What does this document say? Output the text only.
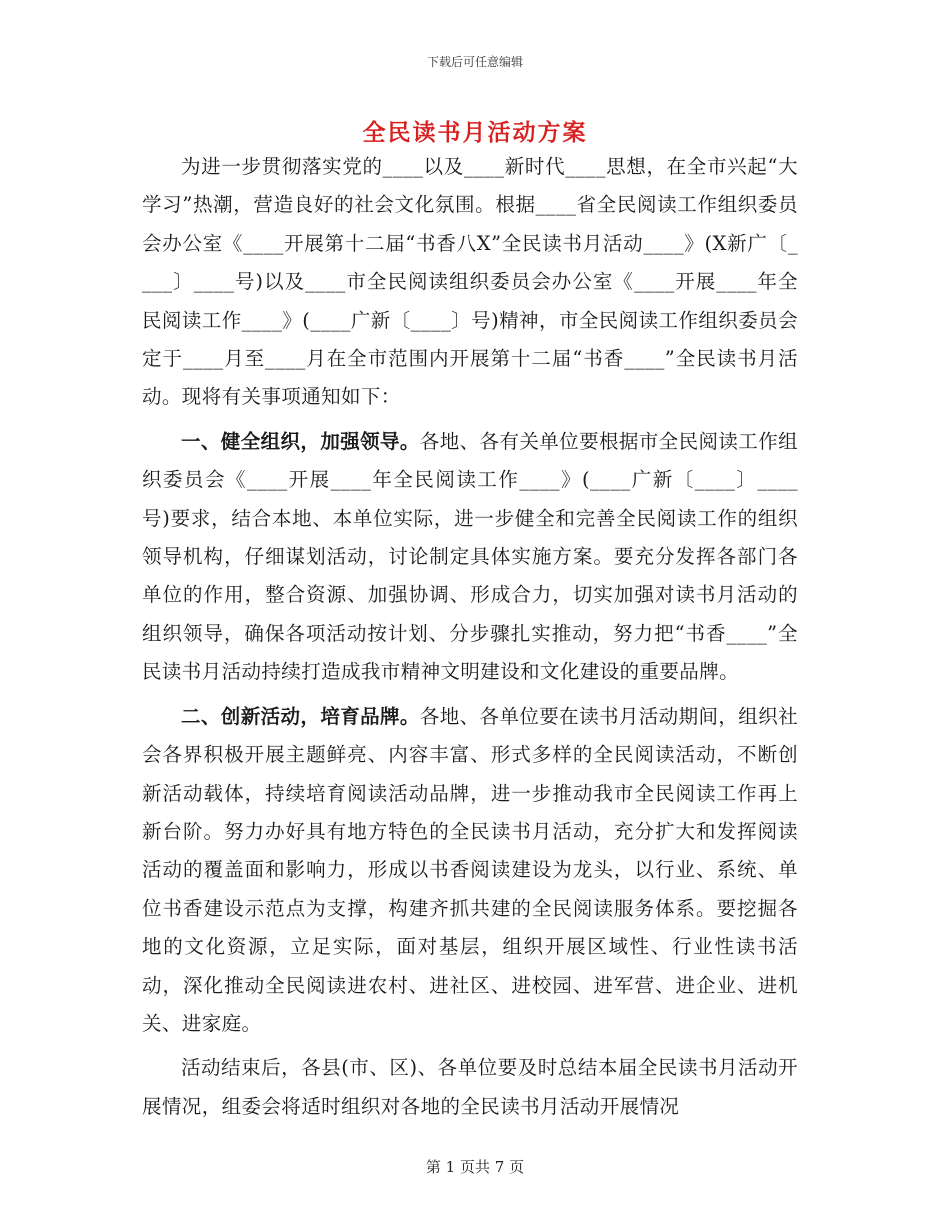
下载后可任意编辑
全民读书月活动方案

为进一步贯彻落实党的____以及____新时代____思想，在全市兴起“大学习”热潮，营造良好的社会文化氛围。根据____省全民阅读工作组织委员会办公室《____开展第十二届“书香八X”全民读书月活动____》(X新广〔____〕____号)以及____市全民阅读组织委员会办公室《____开展____年全民阅读工作____》(____广新〔____〕号)精神，市全民阅读工作组织委员会定于____月至____月在全市范围内开展第十二届“书香____”全民读书月活动。现将有关事项通知如下：

一、健全组织，加强领导。各地、各有关单位要根据市全民阅读工作组织委员会《____开展____年全民阅读工作____》(____广新〔____〕____号)要求，结合本地、本单位实际，进一步健全和完善全民阅读工作的组织领导机构，仔细谋划活动，讨论制定具体实施方案。要充分发挥各部门各单位的作用，整合资源、加强协调、形成合力，切实加强对读书月活动的组织领导，确保各项活动按计划、分步骤扎实推动，努力把“书香____”全民读书月活动持续打造成我市精神文明建设和文化建设的重要品牌。

二、创新活动，培育品牌。各地、各单位要在读书月活动期间，组织社会各界积极开展主题鲜亮、内容丰富、形式多样的全民阅读活动，不断创新活动载体，持续培育阅读活动品牌，进一步推动我市全民阅读工作再上新台阶。努力办好具有地方特色的全民读书月活动，充分扩大和发挥阅读活动的覆盖面和影响力，形成以书香阅读建设为龙头，以行业、系统、单位书香建设示范点为支撑，构建齐抓共建的全民阅读服务体系。要挖掘各地的文化资源，立足实际，面对基层，组织开展区域性、行业性读书活动，深化推动全民阅读进农村、进社区、进校园、进军营、进企业、进机关、进家庭。

活动结束后，各县(市、区)、各单位要及时总结本届全民读书月活动开展情况，组委会将适时组织对各地的全民读书月活动开展情况

第 1 页共 7 页
